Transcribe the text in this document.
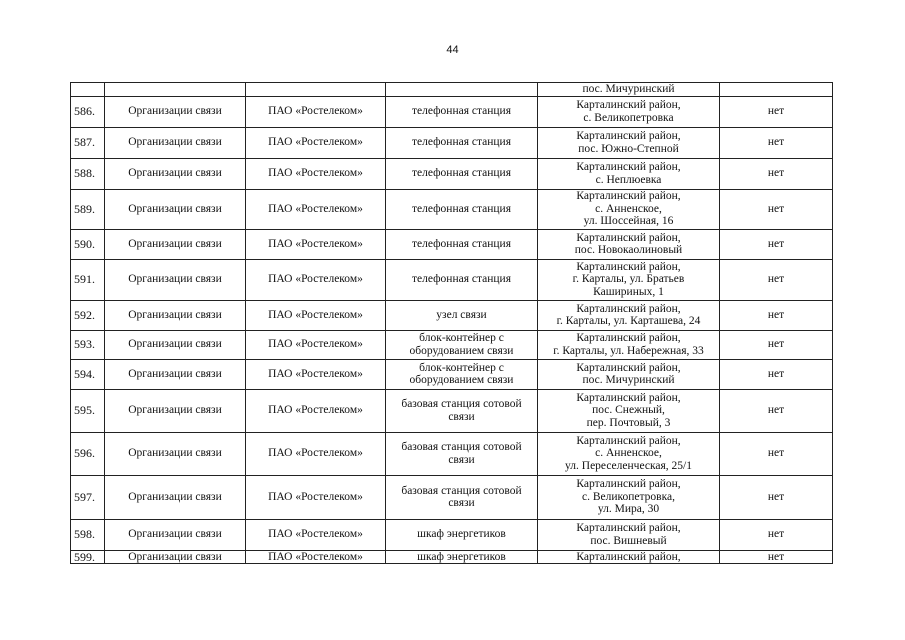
44

				пос. Мичуринский	

586.	Организации связи	ПАО «Ростелеком»	телефонная станция	Карталинский район,
с. Великопетровка	нет
587.	Организации связи	ПАО «Ростелеком»	телефонная станция	Карталинский район,
пос. Южно-Степной	нет
588.	Организации связи	ПАО «Ростелеком»	телефонная станция	Карталинский район,
с. Неплюевка	нет
589.	Организации связи	ПАО «Ростелеком»	телефонная станция	Карталинский район,
с. Анненское,
ул. Шоссейная, 16	нет
590.	Организации связи	ПАО «Ростелеком»	телефонная станция	Карталинский район,
пос. Новокаолиновый	нет
591.	Организации связи	ПАО «Ростелеком»	телефонная станция	Карталинский район,
г. Карталы, ул. Братьев
Кашириных, 1	нет
592.	Организации связи	ПАО «Ростелеком»	узел связи	Карталинский район,
г. Карталы, ул. Карташева, 24	нет
593.	Организации связи	ПАО «Ростелеком»	блок-контейнер с оборудованием связи	Карталинский район,
г. Карталы, ул. Набережная, 33	нет
594.	Организации связи	ПАО «Ростелеком»	блок-контейнер с оборудованием связи	Карталинский район,
пос. Мичуринский	нет
595.	Организации связи	ПАО «Ростелеком»	базовая станция сотовой связи	Карталинский район,
пос. Снежный,
пер. Почтовый, 3	нет
596.	Организации связи	ПАО «Ростелеком»	базовая станция сотовой связи	Карталинский район,
с. Анненское,
ул. Переселенческая, 25/1	нет
597.	Организации связи	ПАО «Ростелеком»	базовая станция сотовой связи	Карталинский район,
с. Великопетровка,
ул. Мира, 30	нет
598.	Организации связи	ПАО «Ростелеком»	шкаф энергетиков	Карталинский район,
пос. Вишневый	нет
599.	Организации связи	ПАО «Ростелеком»	шкаф энергетиков	Карталинский район,	нет
